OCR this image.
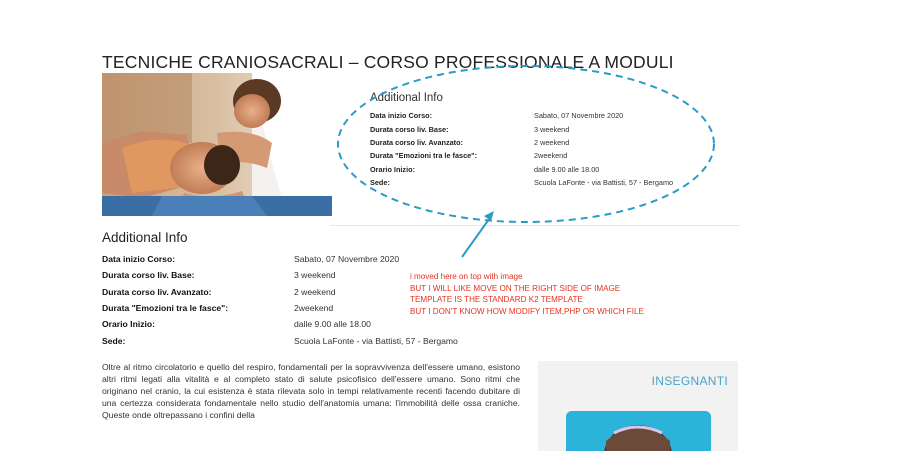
TECNICHE CRANIOSACRALI – CORSO PROFESSIONALE A MODULI
Additional Info
Data inizio Corso:	Sabato, 07 Novembre 2020
Durata corso liv. Base:	3 weekend
Durata corso liv. Avanzato:	2 weekend
Durata "Emozioni tra le fasce":	2weekend
Orario Inizio:	dalle 9.00 alle 18.00
Sede:	Scuola LaFonte - via Battisti, 57 - Bergamo
Additional Info
Data inizio Corso:	Sabato, 07 Novembre 2020
Durata corso liv. Base:	3 weekend
Durata corso liv. Avanzato:	2 weekend
Durata "Emozioni tra le fasce":	2weekend
Orario Inizio:	dalle 9.00 alle 18.00
Sede:	Scuola LaFonte - via Battisti, 57 - Bergamo
i moved here on top with image
BUT I WILL LIKE MOVE ON THE RIGHT SIDE OF IMAGE
TEMPLATE IS THE STANDARD K2 TEMPLATE
BUT I DON'T KNOW HOW MODIFY ITEM,PHP OR WHICH FILE

Oltre al ritmo circolatorio e quello del respiro, fondamentali per la sopravvivenza dell'essere umano, esistono altri ritmi legati alla vitalità e al completo stato di salute psicofisico dell'essere umano. Sono ritmi che originano nel cranio, la cui esistenza è stata rilevata solo in tempi relativamente recenti facendo dubitare di una certezza considerata fondamentale nello studio dell'anatomia umana: l'immobilità delle ossa craniche. Queste onde oltrepassano i confini della

INSEGNANTI
